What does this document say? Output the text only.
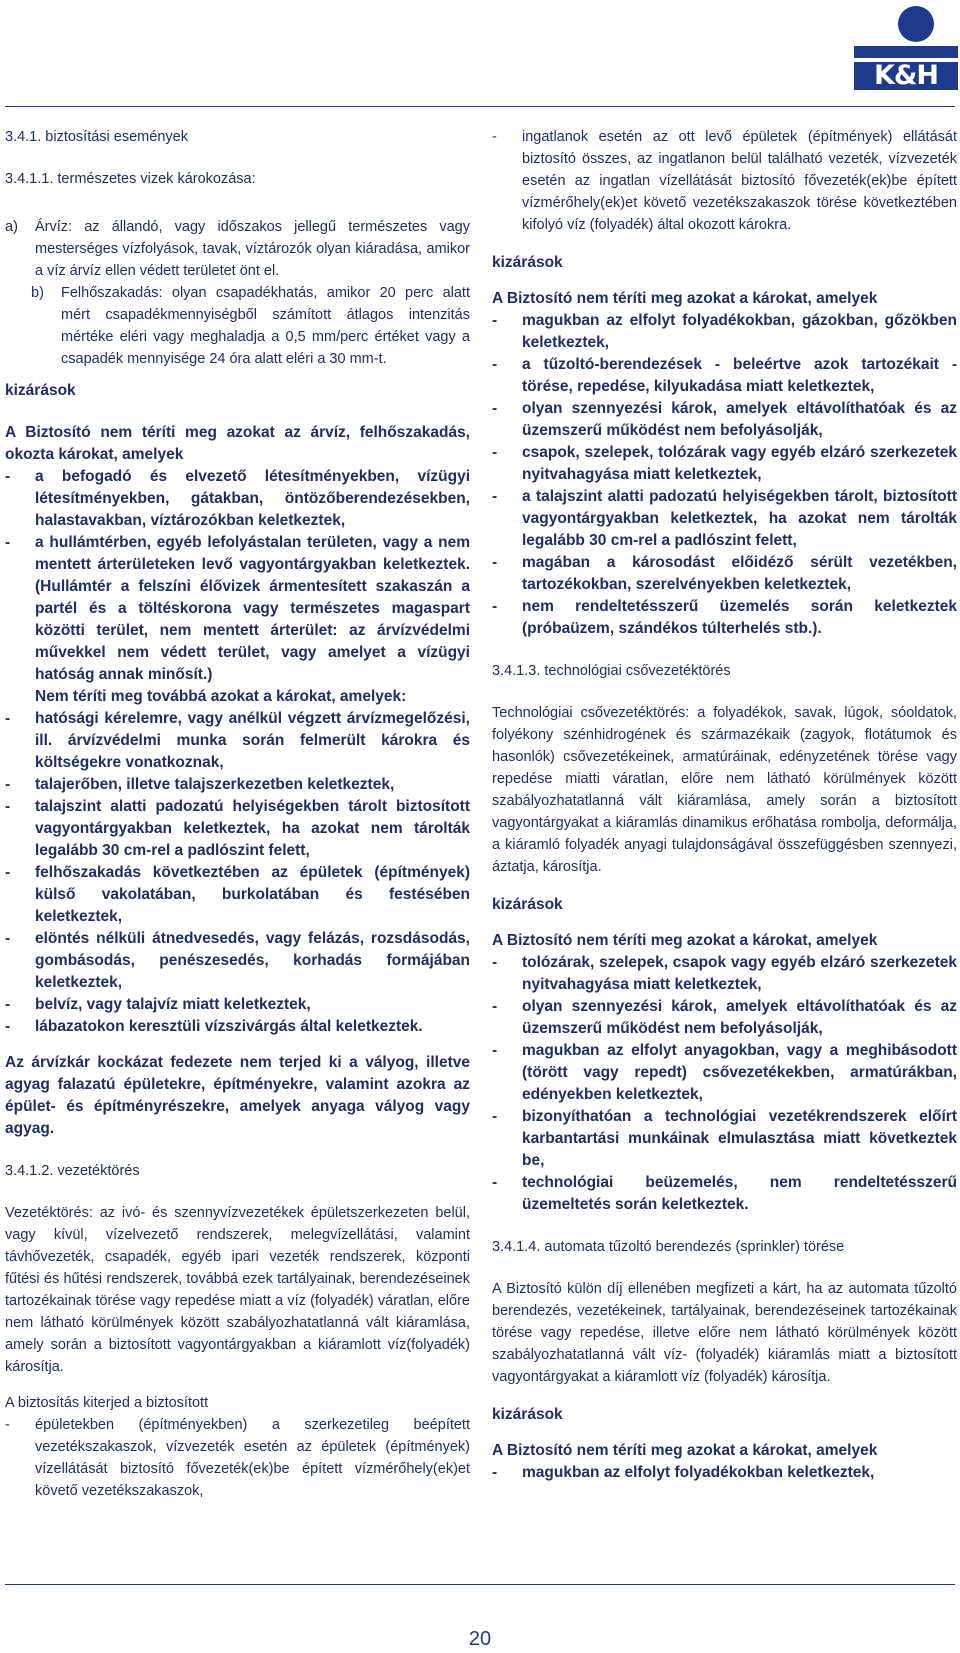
K&H

3.4.1. biztosítási események

3.4.1.1. természetes vizek károkozása:

a) Árvíz: az állandó, vagy időszakos jellegű természetes vagy mesterséges vízfolyások, tavak, víztározók olyan kiáradása, amikor a víz árvíz ellen védett területet önt el.
b) Felhőszakadás: olyan csapadékhatás, amikor 20 perc alatt mért csapadékmennyiségből számított átlagos intenzitás mértéke eléri vagy meghaladja a 0,5 mm/perc értéket vagy a csapadék mennyisége 24 óra alatt eléri a 30 mm-t.

kizárások

A Biztosító nem téríti meg azokat az árvíz, felhőszakadás, okozta károkat, amelyek

- a befogadó és elvezető létesítményekben, vízügyi létesítményekben, gátakban, öntözőberendezésekben, halastavakban, víztározókban keletkeztek,
- a hullámtérben, egyéb lefolyástalan területen, vagy a nem mentett árterületeken levő vagyontárgyakban keletkeztek. (Hullámtér a felszíni élővizek ármentesített szakaszán a partél és a töltéskorona vagy természetes magaspart közötti terület, nem mentett árterület: az árvízvédelmi művekkel nem védett terület, vagy amelyet a vízügyi hatóság annak minősít.)

Nem téríti meg továbbá azokat a károkat, amelyek:

- hatósági kérelemre, vagy anélkül végzett árvízmegelőzési, ill. árvízvédelmi munka során felmerült károkra és költségekre vonatkoznak,
- talajerőben, illetve talajszerkezetben keletkeztek,
- talajszint alatti padozatú helyiségekben tárolt biztosított vagyontárgyakban keletkeztek, ha azokat nem tárolták legalább 30 cm-rel a padlószint felett,
- felhőszakadás következtében az épületek (építmények) külső vakolatában, burkolatában és festésében keletkeztek,
- elöntés nélküli átnedvesedés, vagy felázás, rozsdásodás, gombásodás, penészesedés, korhadás formájában keletkeztek,
- belvíz, vagy talajvíz miatt keletkeztek,
- lábazatokon keresztüli vízszivárgás által keletkeztek.

Az árvízkár kockázat fedezete nem terjed ki a vályog, illetve agyag falazatú épületekre, építményekre, valamint azokra az épület- és építményrészekre, amelyek anyaga vályog vagy agyag.

3.4.1.2. vezetéktörés

Vezetéktörés: az ivó- és szennyvízvezetékek épületszerkezeten belül, vagy kívül, vízelvezető rendszerek, melegvízellátási, valamint távhővezeték, csapadék, egyéb ipari vezeték rendszerek, központi fűtési és hűtési rendszerek, továbbá ezek tartályainak, berendezéseinek tartozékainak törése vagy repedése miatt a víz (folyadék) váratlan, előre nem látható körülmények között szabályozhatatlanná vált kiáramlása, amely során a biztosított vagyontárgyakban a kiáramlott víz(folyadék) károsítja.

A biztosítás kiterjed a biztosított

- épületekben (építményekben) a szerkezetileg beépített vezetékszakaszok, vízvezeték esetén az épületek (építmények) vízellátását biztosító fővezeték(ek)be épített vízmérőhely(ek)et követő vezetékszakaszok,
- ingatlanok esetén az ott levő épületek (építmények) ellátását biztosító összes, az ingatlanon belül található vezeték, vízvezeték esetén az ingatlan vízellátását biztosító fővezeték(ek)be épített vízmérőhely(ek)et követő vezetékszakaszok törése következtében kifolyó víz (folyadék) által okozott károkra.

kizárások

A Biztosító nem téríti meg azokat a károkat, amelyek

- magukban az elfolyt folyadékokban, gázokban, gőzökben keletkeztek,
- a tűzoltó-berendezések - beleértve azok tartozékait - törése, repedése, kilyukadása miatt keletkeztek,
- olyan szennyezési károk, amelyek eltávolíthatóak és az üzemszerű működést nem befolyásolják,
- csapok, szelepek, tolózárak vagy egyéb elzáró szerkezetek nyitvahagyása miatt keletkeztek,
- a talajszint alatti padozatú helyiségekben tárolt, biztosított vagyontárgyakban keletkeztek, ha azokat nem tárolták legalább 30 cm-rel a padlószint felett,
- magában a károsodást előidéző sérült vezetékben, tartozékokban, szerelvényekben keletkeztek,
- nem rendeltetésszerű üzemelés során keletkeztek (próbaüzem, szándékos túlterhelés stb.).

3.4.1.3. technológiai csővezetéktörés

Technológiai csővezetéktörés: a folyadékok, savak, lúgok, sóoldatok, folyékony szénhidrogének és származékaik (zagyok, flotátumok és hasonlók) csővezetékeinek, armatúráinak, edényzetének törése vagy repedése miatti váratlan, előre nem látható körülmények között szabályozhatatlanná vált kiáramlása, amely során a biztosított vagyontárgyakat a kiáramlás dinamikus erőhatása rombolja, deformálja, a kiáramló folyadék anyagi tulajdonságával összefüggésben szennyezi, áztatja, károsítja.

kizárások

A Biztosító nem téríti meg azokat a károkat, amelyek

- tolózárak, szelepek, csapok vagy egyéb elzáró szerkezetek nyitvahagyása miatt keletkeztek,
- olyan szennyezési károk, amelyek eltávolíthatóak és az üzemszerű működést nem befolyásolják,
- magukban az elfolyt anyagokban, vagy a meghibásodott (törött vagy repedt) csővezetékekben, armatúrákban, edényekben keletkeztek,
- bizonyíthatóan a technológiai vezetékrendszerek előírt karbantartási munkáinak elmulasztása miatt következtek be,
- technológiai beüzemelés, nem rendeltetésszerű üzemeltetés során keletkeztek.

3.4.1.4. automata tűzoltó berendezés (sprinkler) törése

A Biztosító külön díj ellenében megfizeti a kárt, ha az automata tűzoltó berendezés, vezetékeinek, tartályainak, berendezéseinek tartozékainak törése vagy repedése, illetve előre nem látható körülmények között szabályozhatatlanná vált víz- (folyadék) kiáramlás miatt a biztosított vagyontárgyakat a kiáramlott víz (folyadék) károsítja.

kizárások

A Biztosító nem téríti meg azokat a károkat, amelyek

- magukban az elfolyt folyadékokban keletkeztek,
20
